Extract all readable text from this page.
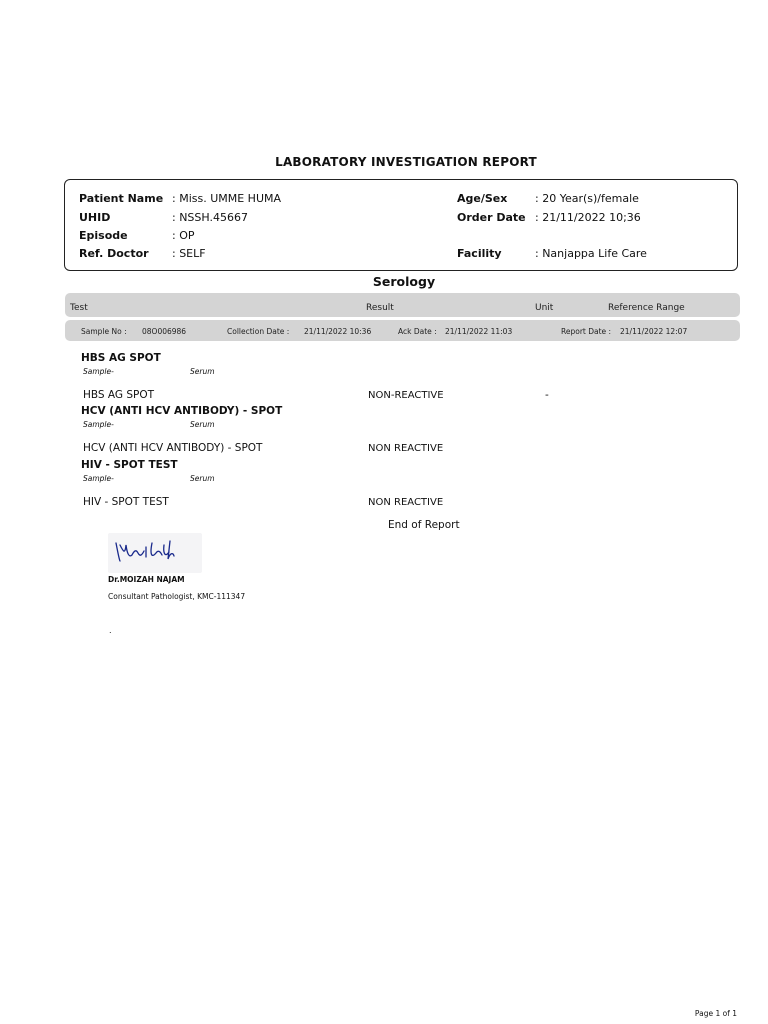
LABORATORY INVESTIGATION REPORT
Patient Name : Miss. UMME HUMA
UHID	: NSSH.45667
Episode	: OP
Ref. Doctor : SELF
Age/Sex	: 20 Year(s)/female
Order Date : 21/11/2022 10;36
Facility	: Nanjappa Life Care
Serology
Test	Result	Unit	Reference Range
Sample No : 08O006986	Collection Date : 21/11/2022 10:36	Ack Date : 21/11/2022 11:03	Report Date : 21/11/2022 12:07
HBS AG SPOT
Sample-	Serum
HBS AG SPOT	NON-REACTIVE	-
HCV (ANTI HCV ANTIBODY) - SPOT
Sample-	Serum
HCV (ANTI HCV ANTIBODY) - SPOT	NON REACTIVE
HIV - SPOT TEST
Sample-	Serum
HIV - SPOT TEST	NON REACTIVE
End of Report
Dr.MOIZAH NAJAM
Consultant Pathologist, KMC-111347
.
Page 1 of 1
